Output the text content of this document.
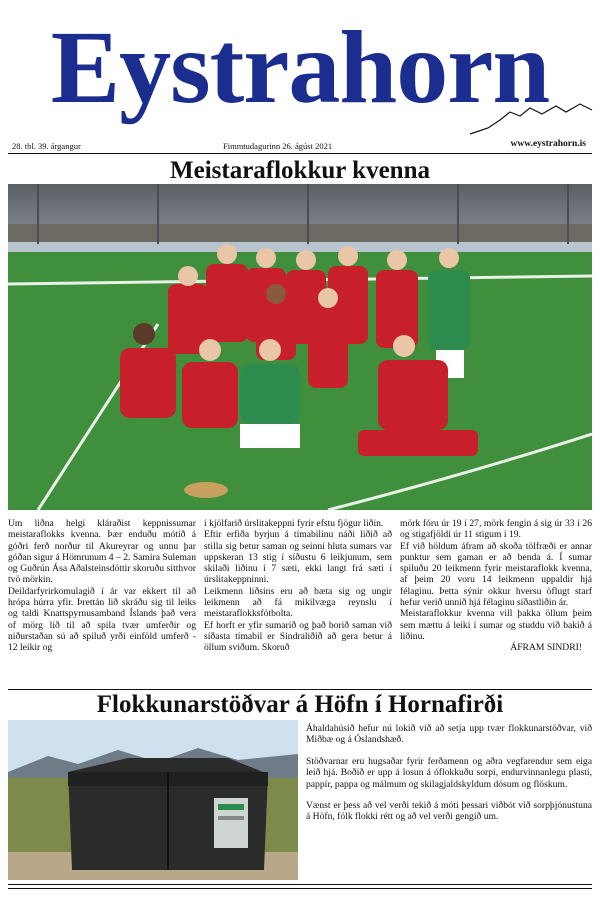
Eystrahorn
28. tbl. 39. árgangur	Fimmtudagurinn 26. ágúst 2021	www.eystrahorn.is
Meistaraflokkur kvenna

Um liðna helgi kláraðist keppnissumar meistaraflokks kvenna. Þær enduðu mótið á góðri ferð norður til Akureyrar og unnu þar góðan sigur á Hömrunum 4 – 2. Samira Suleman og Guðrún Ása Aðalsteinsdóttir skoruðu sitthvor tvö mörkin.

Deildarfyrirkomulagið í ár var ekkert til að hrópa húrra yfir. Þrettán lið skráðu sig til leiks og taldi Knattspyrnusamband Íslands það vera of mörg lið til að spila tvær umferðir og niðurstaðan sú að spiluð yrði einföld umferð - 12 leikir og

í kjölfarið úrslitakeppni fyrir efstu fjögur liðin.

Eftir erfiða byrjun á tímabilinu náði liðið að stilla sig betur saman og seinni hluta sumars var uppskeran 13 stig í síðustu 6 leikjunum, sem skilaði liðinu í 7 sæti, ekki langt frá sæti í úrslitakeppninni.

Leikmenn liðsins eru að bæta sig og ungir leikmenn að fá mikilvæga reynslu í meistaraflokksfótbolta.

Ef horft er yfir sumarið og það borið saman við síðasta tímabil er Sindraliðið að gera betur á öllum sviðum. Skoruð

mörk fóru úr 19 í 27, mörk fengin á sig úr 33 í 26 og stigafjöldi úr 11 stigum í 19.

Ef við höldum áfram að skoða tölfræði er annar punktur sem gaman er að benda á. Í sumar spiluðu 20 leikmenn fyrir meistaraflokk kvenna, af þeim 20 voru 14 leikmenn uppaldir hjá félaginu. Þetta sýnir okkur hversu öflugt starf hefur verið unnið hjá félaginu síðastliðin ár.

Meistaraflokkur kvenna vill þakka öllum þeim sem mættu á leiki í sumar og studdu við bakið á liðinu.

ÁFRAM SINDRI!

Flokkunarstöðvar á Höfn í Hornafirði

Áhaldahúsið hefur nú lokið við að setja upp tvær flokkunarstöðvar, við Miðbæ og á Óslandshæð.

Stöðvarnar eru hugsaðar fyrir ferðamenn og aðra vegfarendur sem eiga leið hjá. Boðið er upp á losun á óflokkuðu sorpi, endurvinnanlegu plasti, pappír, pappa og málmum og skilagjaldskyldum dósum og flöskum.

Vænst er þess að vel verði tekið á móti þessari viðbót við sorpþjónustuna á Höfn, fólk flokki rétt og að vel verði gengið um.
